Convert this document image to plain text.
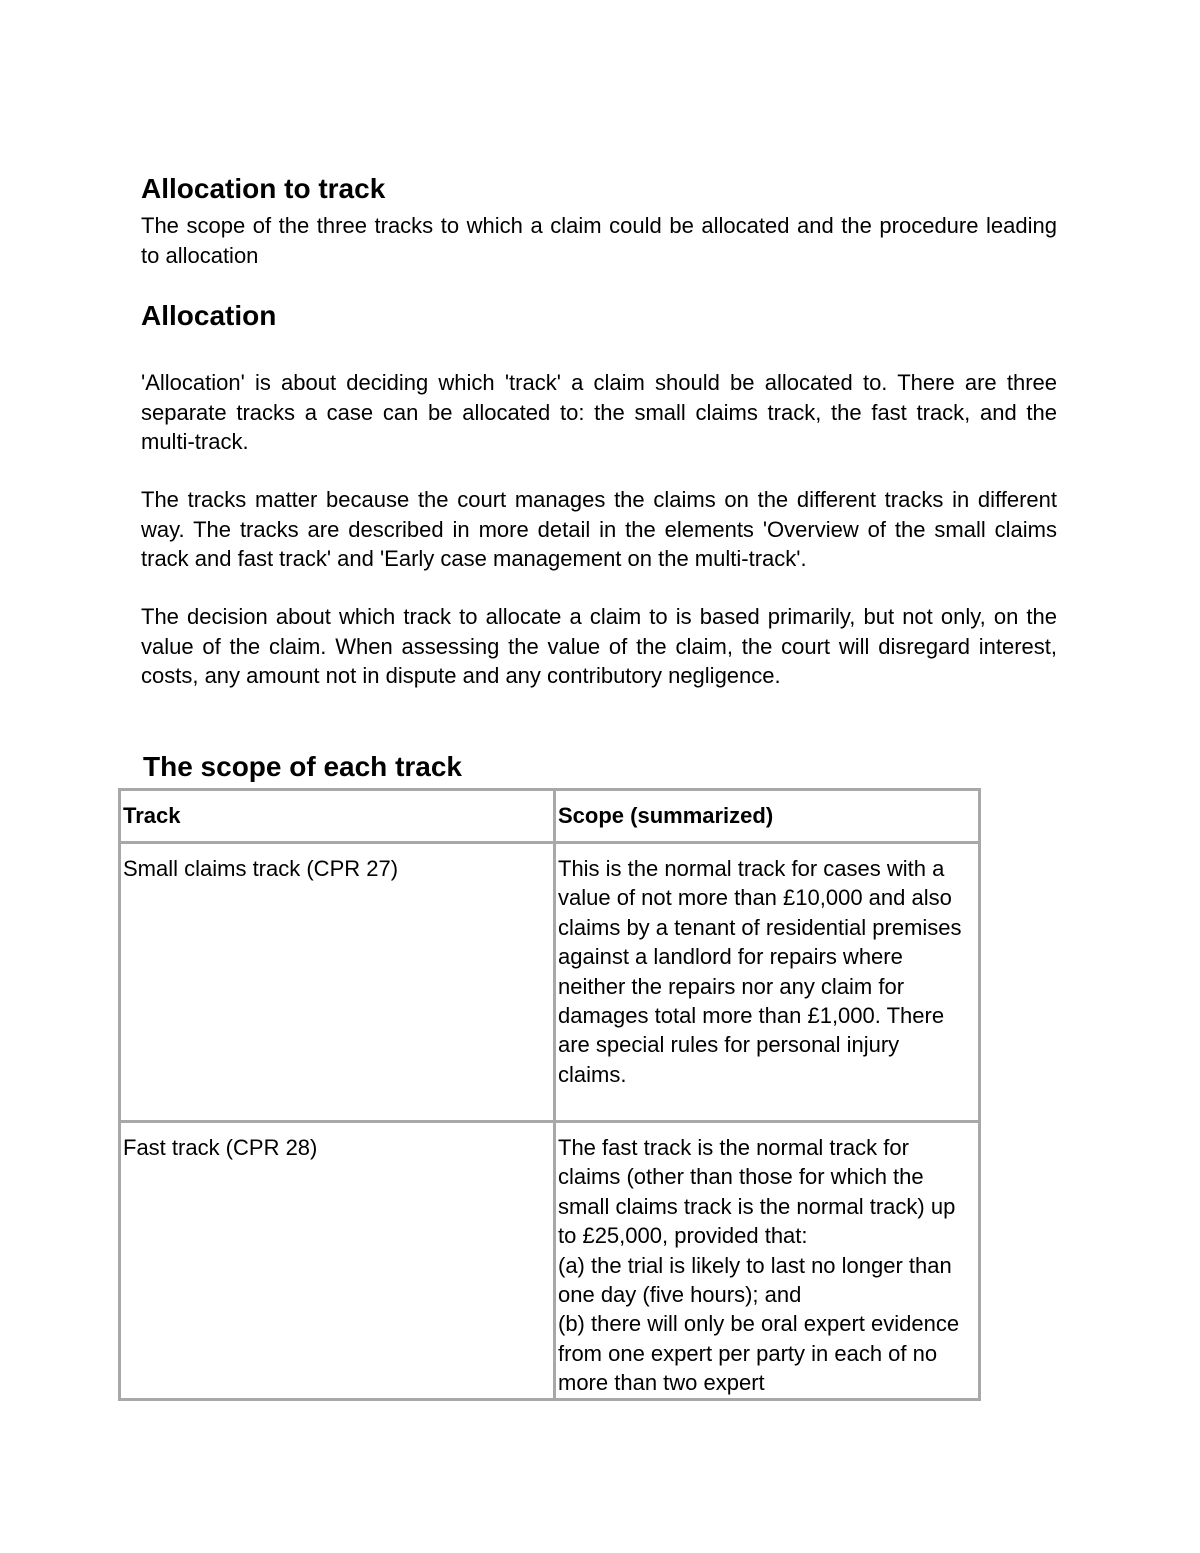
Allocation to track

The scope of the three tracks to which a claim could be allocated and the procedure leading to allocation

Allocation

'Allocation' is about deciding which 'track' a claim should be allocated to. There are three separate tracks a case can be allocated to: the small claims track, the fast track, and the multi-track.

The tracks matter because the court manages the claims on the different tracks in different way. The tracks are described in more detail in the elements 'Overview of the small claims track and fast track' and 'Early case management on the multi-track'.

The decision about which track to allocate a claim to is based primarily, but not only, on the value of the claim. When assessing the value of the claim, the court will disregard interest, costs, any amount not in dispute and any contributory negligence.

The scope of each track
Track	Scope (summarized)
Small claims track (CPR 27)	This is the normal track for cases with a value of not more than £10,000 and also claims by a tenant of residential premises against a landlord for repairs where neither the repairs nor any claim for damages total more than £1,000. There are special rules for personal injury claims.

Fast track (CPR 28)	The fast track is the normal track for claims (other than those for which the small claims track is the normal track) up to £25,000, provided that:
(a) the trial is likely to last no longer than one day (five hours); and
(b) there will only be oral expert evidence from one expert per party in each of no more than two expert
